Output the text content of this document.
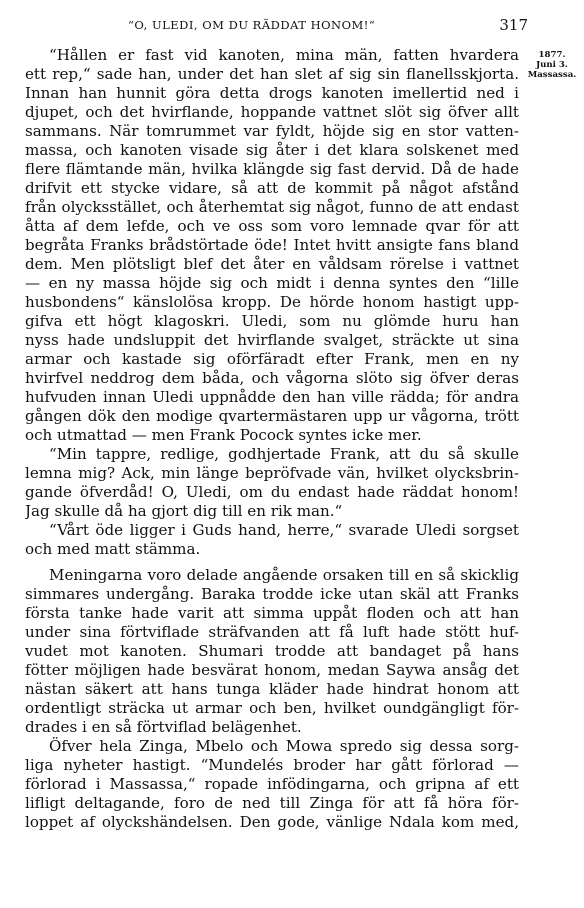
“O, ULEDI, OM DU RÄDDAT HONOM!“	317
1877.
Juni 3.
Massassa.
“Hållen er fast vid kanoten, mina män, fatten hvardera
ett rep,“ sade han, under det han slet af sig sin flanellsskjorta.
Innan han hunnit göra detta drogs kanoten imellertid ned i
djupet, och det hvirflande, hoppande vattnet slöt sig öfver allt
sammans. När tomrummet var fyldt, höjde sig en stor vatten-
massa, och kanoten visade sig åter i det klara solskenet med
flere flämtande män, hvilka klängde sig fast dervid. Då de hade
drifvit ett stycke vidare, så att de kommit på något afstånd
från olycksstället, och återhemtat sig något, funno de att endast
åtta af dem lefde, och ve oss som voro lemnade qvar för att
begråta Franks brådstörtade öde! Intet hvitt ansigte fans bland
dem. Men plötsligt blef det åter en våldsam rörelse i vattnet
— en ny massa höjde sig och midt i denna syntes den “lille
husbondens“ känslolösa kropp. De hörde honom hastigt upp-
gifva ett högt klagoskri. Uledi, som nu glömde huru han
nyss hade undsluppit det hvirflande svalget, sträckte ut sina
armar och kastade sig oförfäradt efter Frank, men en ny
hvirfvel neddrog dem båda, och vågorna slöto sig öfver deras
hufvuden innan Uledi uppnådde den han ville rädda; för andra
gången dök den modige qvartermästaren upp ur vågorna, trött
och utmattad — men Frank Pocock syntes icke mer.
“Min tappre, redlige, godhjertade Frank, att du så skulle
lemna mig? Ack, min länge bepröfvade vän, hvilket olycksbrin-
gande öfverdåd! O, Uledi, om du endast hade räddat honom!
Jag skulle då ha gjort dig till en rik man.“
“Vårt öde ligger i Guds hand, herre,“ svarade Uledi sorgset
och med matt stämma.
Meningarna voro delade angående orsaken till en så skicklig
simmares undergång. Baraka trodde icke utan skäl att Franks
första tanke hade varit att simma uppåt floden och att han
under sina förtviflade sträfvanden att få luft hade stött huf-
vudet mot kanoten. Shumari trodde att bandaget på hans
fötter möjligen hade besvärat honom, medan Saywa ansåg det
nästan säkert att hans tunga kläder hade hindrat honom att
ordentligt sträcka ut armar och ben, hvilket oundgängligt för-
drades i en så förtviflad belägenhet.
Öfver hela Zinga, Mbelo och Mowa spredo sig dessa sorg-
liga nyheter hastigt. “Mundelés broder har gått förlorad —
förlorad i Massassa,“ ropade infödingarna, och gripna af ett
lifligt deltagande, foro de ned till Zinga för att få höra för-
loppet af olyckshändelsen. Den gode, vänlige Ndala kom med,
